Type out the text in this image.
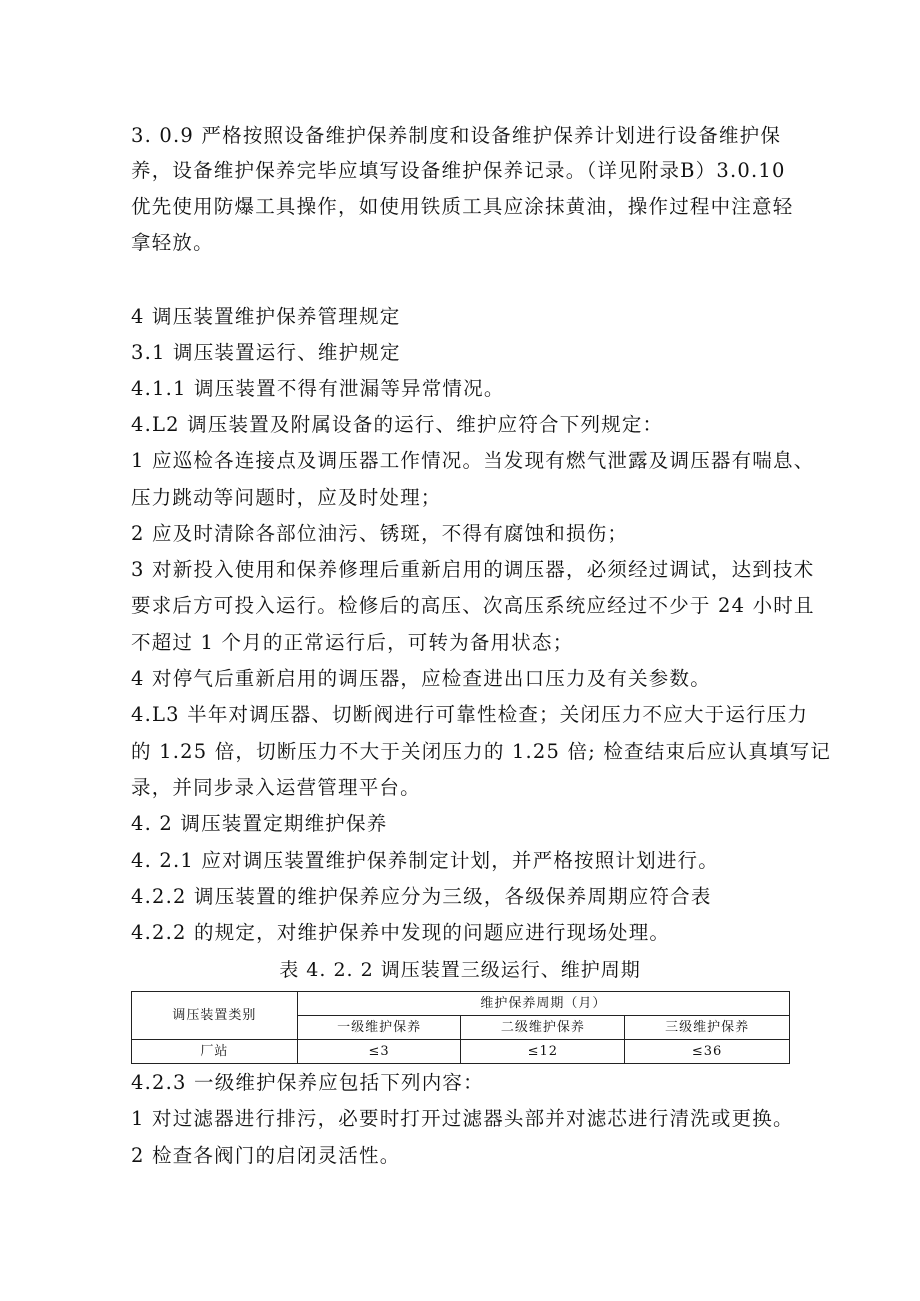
3. 0.9 严格按照设备维护保养制度和设备维护保养计划进行设备维护保
养，设备维护保养完毕应填写设备维护保养记录。（详见附录B）3.0.10
优先使用防爆工具操作，如使用铁质工具应涂抹黄油，操作过程中注意轻
拿轻放。
4 调压装置维护保养管理规定
3.1 调压装置运行、维护规定
4.1.1 调压装置不得有泄漏等异常情况。
4.L2 调压装置及附属设备的运行、维护应符合下列规定：
1 应巡检各连接点及调压器工作情况。当发现有燃气泄露及调压器有喘息、
压力跳动等问题时，应及时处理；
2 应及时清除各部位油污、锈斑，不得有腐蚀和损伤；
3 对新投入使用和保养修理后重新启用的调压器，必须经过调试，达到技术
要求后方可投入运行。检修后的高压、次高压系统应经过不少于 24 小时且
不超过 1 个月的正常运行后，可转为备用状态；
4 对停气后重新启用的调压器，应检查进出口压力及有关参数。
4.L3 半年对调压器、切断阀进行可靠性检查；关闭压力不应大于运行压力
的 1.25 倍，切断压力不大于关闭压力的 1.25 倍; 检查结束后应认真填写记
录，并同步录入运营管理平台。
4. 2 调压装置定期维护保养
4. 2.1 应对调压装置维护保养制定计划，并严格按照计划进行。
4.2.2 调压装置的维护保养应分为三级，各级保养周期应符合表
4.2.2 的规定，对维护保养中发现的问题应进行现场处理。
表 4. 2. 2 调压装置三级运行、维护周期
调压装置类别	维护保养周期（月）		
	一级维护保养	二级维护保养	三级维护保养
厂站	≤3	≤12	≤36
4.2.3 一级维护保养应包括下列内容：
1 对过滤器进行排污，必要时打开过滤器头部并对滤芯进行清洗或更换。
2 检查各阀门的启闭灵活性。
